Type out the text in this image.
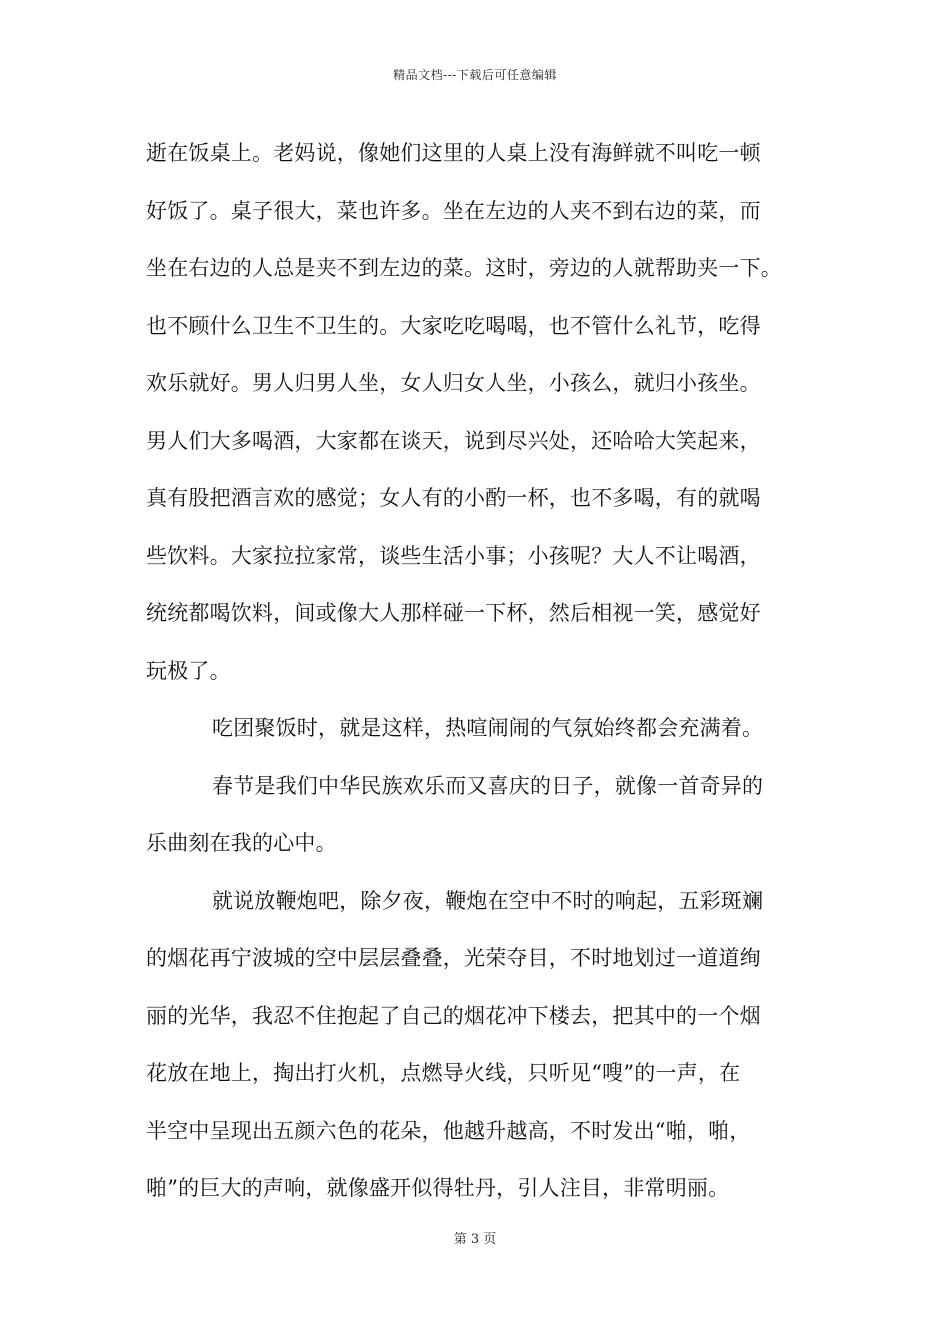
精品文档---下载后可任意编辑
逝在饭桌上。老妈说，像她们这里的人桌上没有海鲜就不叫吃一顿
好饭了。桌子很大，菜也许多。坐在左边的人夹不到右边的菜，而
坐在右边的人总是夹不到左边的菜。这时，旁边的人就帮助夹一下。
也不顾什么卫生不卫生的。大家吃吃喝喝，也不管什么礼节，吃得
欢乐就好。男人归男人坐，女人归女人坐，小孩么，就归小孩坐。
男人们大多喝酒，大家都在谈天，说到尽兴处，还哈哈大笑起来，
真有股把酒言欢的感觉；女人有的小酌一杯，也不多喝，有的就喝
些饮料。大家拉拉家常，谈些生活小事；小孩呢？大人不让喝酒，
统统都喝饮料，间或像大人那样碰一下杯，然后相视一笑，感觉好
玩极了。
吃团聚饭时，就是这样，热喧闹闹的气氛始终都会充满着。
春节是我们中华民族欢乐而又喜庆的日子，就像一首奇异的
乐曲刻在我的心中。
就说放鞭炮吧，除夕夜，鞭炮在空中不时的响起，五彩斑斓
的烟花再宁波城的空中层层叠叠，光荣夺目，不时地划过一道道绚
丽的光华，我忍不住抱起了自己的烟花冲下楼去，把其中的一个烟
花放在地上，掏出打火机，点燃导火线，只听见“嗖”的一声，在
半空中呈现出五颜六色的花朵，他越升越高，不时发出“啪，啪，
啪”的巨大的声响，就像盛开似得牡丹，引人注目，非常明丽。
第 3 页
